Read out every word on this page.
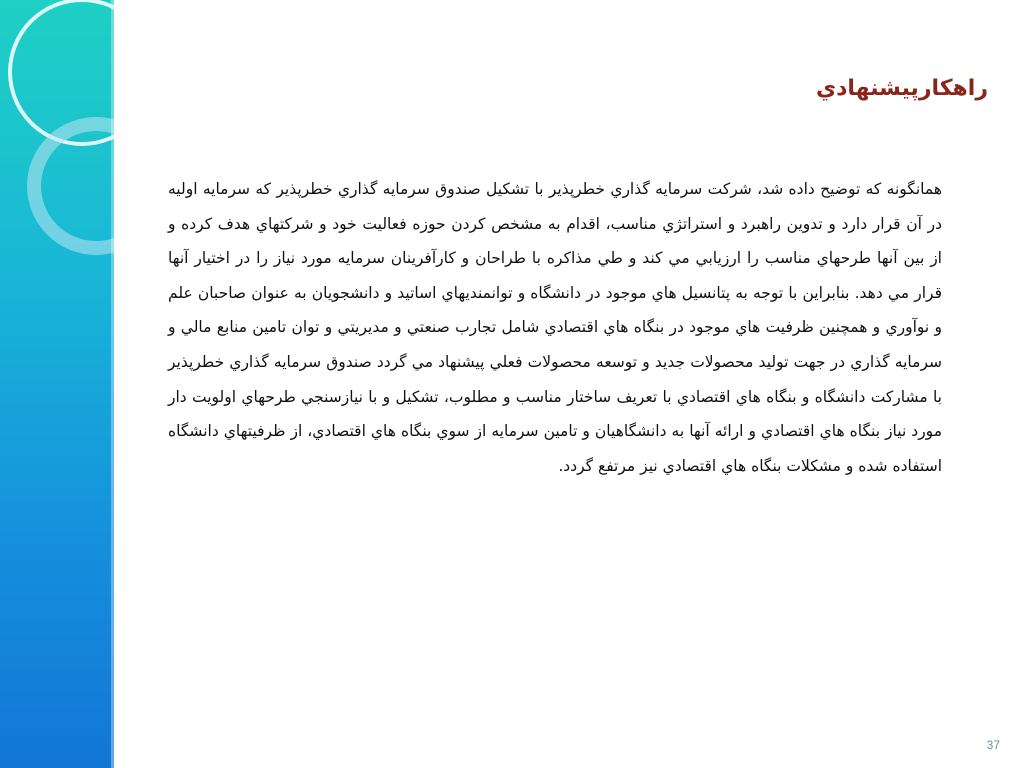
راهکارپیشنهادي

همانگونه که توضیح داده شد، شرکت سرمایه گذاري خطرپذیر با تشکیل صندوق سرمایه گذاري خطرپذیر که سرمایه اولیه در آن قرار دارد و تدوین راهبرد و استراتژي مناسب، اقدام به مشخص کردن حوزه فعالیت خود و شرکتهاي هدف کرده و از بین آنها طرحهاي مناسب را ارزیابي مي کند و طي مذاکره با طراحان و کارآفرینان سرمایه مورد نیاز را در اختیار آنها قرار مي دهد. بنابراین با توجه به پتانسیل هاي موجود در دانشگاه و توانمندیهاي اساتید و دانشجویان به عنوان صاحبان علم و نوآوري و همچنین ظرفیت هاي موجود در بنگاه هاي اقتصادي شامل تجارب صنعتي و مدیریتي و توان تامین منابع مالي و سرمایه گذاري در جهت تولید محصولات جدید و توسعه محصولات فعلي پیشنهاد مي گردد صندوق سرمایه گذاري خطرپذیر با مشارکت دانشگاه و بنگاه هاي اقتصادي با تعریف ساختار مناسب و مطلوب، تشکیل و با نیازسنجي طرحهاي اولویت دار مورد نیاز بنگاه هاي اقتصادي و ارائه آنها به دانشگاهیان و تامین سرمایه از سوي بنگاه هاي اقتصادي، از ظرفیتهاي دانشگاه استفاده شده و مشکلات بنگاه هاي اقتصادي نیز مرتفع گردد.

37
